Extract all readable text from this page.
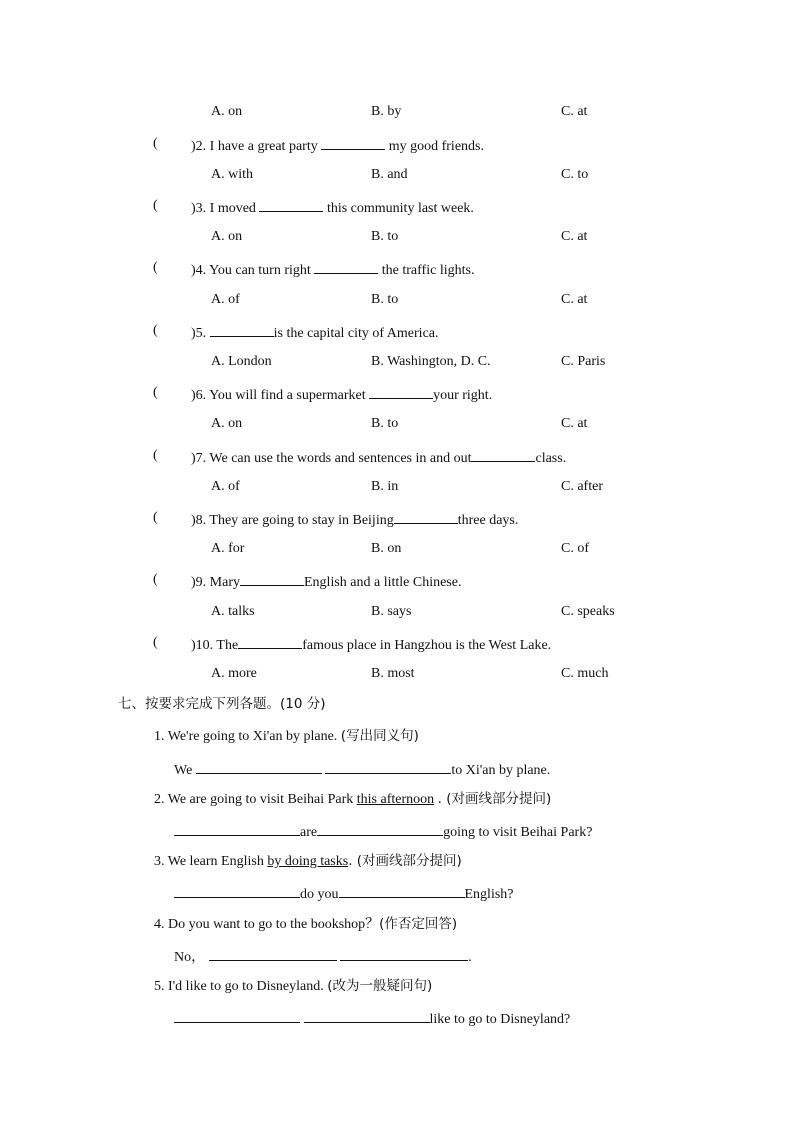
A. on	B. by	C. at
( )2. I have a great party	my good friends.
A. with	B. and	C. to
( )3. I moved	this community last week.
A. on	B. to	C. at
( )4. You can turn right	the traffic lights.
A. of	B. to	C. at
( )5.	is the capital city of America.
A. London	B. Washington, D. C.	C. Paris
( )6. You will find a supermarket	your right.
A. on	B. to	C. at
( )7. We can use the words and sentences in and out	class.
A. of	B. in	C. after
( )8. They are going to stay in Beijing	three days.
A. for	B. on	C. of
( )9. Mary	English and a little Chinese.
A. talks	B. says	C. speaks
( )10. The	famous place in Hangzhou is the West Lake.
A. more	B. most	C. much
七、按要求完成下列各题。(10 分)
1. We're going to Xi'an by plane. (写出同义句)
We	to Xi'an by plane.
2. We are going to visit Beihai Park this afternoon . (对画线部分提问)
are	going to visit Beihai Park?
3. We learn English by doing tasks. (对画线部分提问)
do you	English?
4. Do you want to go to the bookshop？(作否定回答)
No，	.
5. I'd like to go to Disneyland. (改为一般疑问句)
like to go to Disneyland?
